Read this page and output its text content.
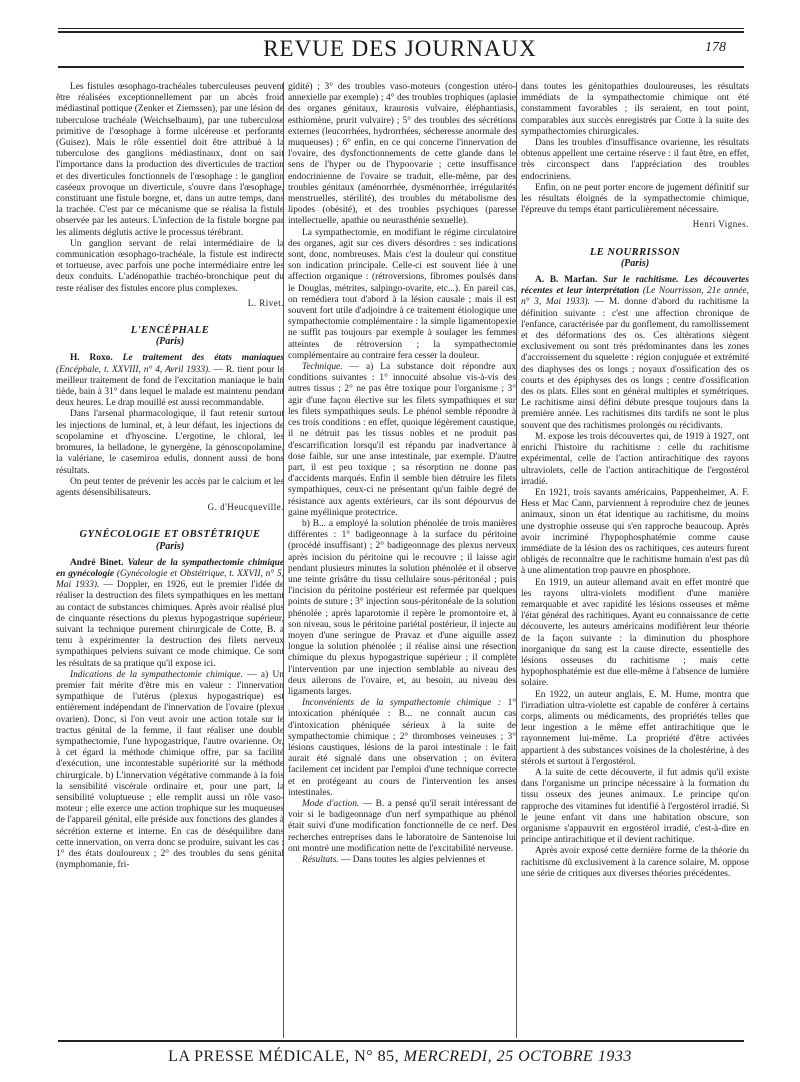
REVUE DES JOURNAUX	178

Les fistules œsophago-trachéales tuberculeuses peuvent être réalisées exceptionnellement par un abcès froid médiastinal pottique (Zenker et Ziemssen), par une lésion de tuberculose trachéale (Weichselbaum), par une tuberculose primitive de l'œsophage à forme ulcéreuse et perforante (Guisez). Mais le rôle essentiel doit être attribué à la tuberculose des ganglions médiastinaux, dont on sait l'importance dans la production des diverticules de traction et des diverticules fonctionnels de l'œsophage : le ganglion caséeux provoque un diverticule, s'ouvre dans l'œsophage, constituant une fistule borgne, et, dans un autre temps, dans la trachée. C'est par ce mécanisme que se réalisa la fistule observée par les auteurs. L'infection de la fistule borgne par les aliments déglutis active le processus térébrant.

Un ganglion servant de relai intermédiaire de la communication œsophago-trachéale, la fistule est indirecte et tortueuse, avec parfois une poche intermédiaire entre les deux conduits. L'adénopathie trachéo-bronchique peut du reste réaliser des fistules encore plus complexes.

L. Rivet.
L'ENCÉPHALE
(Paris)

H. Roxo. Le traitement des états maniaques (Encéphale, t. XXVIII, n° 4, Avril 1933). — R. tient pour le meilleur traitement de fond de l'excitation maniaque le bain tiède, bain à 31° dans lequel le malade est maintenu pendant deux heures. Le drap mouillé est aussi recommandable.

Dans l'arsenal pharmacologique, il faut retenir surtout les injections de luminal, et, à leur défaut, les injections de scopolamine et d'hyoscine. L'ergotine, le chloral, les bromures, la belladone, le gynergène, la génoscopolamine, la valériane, le casemiroa edulis, donnent aussi de bons résultats.

On peut tenter de prévenir les accès par le calcium et les agents désensibilisateurs.

G. d'Heucqueville.
GYNÉCOLOGIE ET OBSTÉTRIQUE
(Paris)

André Binet. Valeur de la sympathectomie chimique en gynécologie (Gynécologie et Obstétrique, t. XXVII, n° 5, Mai 1933). — Doppler, en 1926, eut le premier l'idée de réaliser la destruction des filets sympathiques en les mettant au contact de substances chimiques. Après avoir réalisé plus de cinquante résections du plexus hypogastrique supérieur, suivant la technique purement chirurgicale de Cotte, B. a tenu à expérimenter la destruction des filets nerveux sympathiques pelviens suivant ce mode chimique. Ce sont les résultats de sa pratique qu'il expose ici.

Indications de la sympathectomie chimique. — a) Un premier fait mérite d'être mis en valeur : l'innervation sympathique de l'utérus (plexus hypogastrique) est entièrement indépendant de l'innervation de l'ovaire (plexus ovarien). Donc, si l'on veut avoir une action totale sur le tractus génital de la femme, il faut réaliser une double sympathectomie, l'une hypogastrique, l'autre ovarienne. Or, à cet égard la méthode chimique offre, par sa facilité d'exécution, une incontestable supériorité sur la méthode chirurgicale. b) L'innervation végétative commande à la fois la sensibilité viscérale ordinaire et, pour une part, la sensibilité voluptueuse ; elle remplit aussi un rôle vaso-moteur ; elle exerce une action trophique sur les muqueuses de l'appareil génital, elle préside aux fonctions des glandes à sécrétion externe et interne. En cas de déséquilibre dans cette innervation, on verra donc se produire, suivant les cas : 1° des états douloureux ; 2° des troubles du sens génital (nymphomanie, fri-

gidité) ; 3° des troubles vaso-moteurs (congestion utéro-annexielle par exemple) ; 4° des troubles trophiques (aplasie des organes génitaux, kraurosis vulvaire, éléphantiasis, esthiomène, prurit vulvaire) ; 5° des troubles des sécrétions externes (leucorrhées, hydrorrhées, sécheresse anormale des muqueuses) ; 6° enfin, en ce qui concerne l'innervation de l'ovaire, des dysfonctionnements de cette glande dans le sens de l'hyper ou de l'hypoovarie ; cette insuffisance endocrinienne de l'ovaire se traduit, elle-même, par des troubles génitaux (aménorrhée, dysménorrhée, irrégularités menstruelles, stérilité), des troubles du métabolisme des lipodes (obésité), et des troubles psychiques (paresse intellectuelle, apathie ou neurasthénie sexuelle).

La sympathectomie, en modifiant le régime circulatoire des organes, agit sur ces divers désordres : ses indications sont, donc, nombreuses. Mais c'est la douleur qui constitue son indication principale. Celle-ci est souvent liée à une affection organique : (rétroversions, fibromes poulsés dans le Douglas, métrites, salpingo-ovarite, etc...). En pareil cas, on remédiera tout d'abord à la lésion causale ; mais il est souvent fort utile d'adjoindre à ce traitement étiologique une sympathectomie complémentaire : la simple ligamentopexie ne suffit pas toujours par exemple à soulager les femmes atteintes de rétroversion ; la sympathectomie complémentaire au contraire fera cesser la douleur.

Technique. — a) La substance doit répondre aux conditions suivantes : 1° innocuité absolue vis-à-vis des autres tissus ; 2° ne pas être toxique pour l'organisme ; 3° agir d'une façon élective sur les filets sympathiques et sur les filets sympathiques seuls. Le phénol semble répondre à ces trois conditions : en effet, quoique légèrement caustique, il ne détruit pas les tissus nobles et ne produit pas d'escarrification lorsqu'il est répandu par inadvertance à dose faible, sur une anse intestinale, par exemple. D'autre part, il est peu toxique ; sa résorption ne donne pas d'accidents marqués. Enfin il semble bien détruire les filets sympathiques, ceux-ci ne présentant qu'un faible degré de résistance aux agents extérieurs, car ils sont dépourvus de gaine myélinique protectrice.

b) B... a employé la solution phénolée de trois manières différentes : 1° badigeonnage à la surface du péritoine (procédé insuffisant) ; 2° badigeonnage des plexus nerveux après incision du péritoine qui le recouvre ; il laisse agir pendant plusieurs minutes la solution phénolée et il observe une teinte grisâtre du tissu cellulaire sous-péritonéal ; puis l'incision du péritoine postérieur est refermée par quelques points de suture ; 3° injection sous-péritonéale de la solution phénolée ; après laparotomie il repère le promontoire et, à son niveau, sous le péritoine pariétal postérieur, il injecte au moyen d'une seringue de Pravaz et d'une aiguille assez longue la solution phénolée ; il réalise ainsi une résection chimique du plexus hypogastrique supérieur ; il complète l'intervention par une injection semblable au niveau des deux ailerons de l'ovaire, et, au besoin, au niveau des ligaments larges.

Inconvénients de la sympathectomie chimique : 1° intoxication phéniquée : B... ne connaît aucun cas d'intoxication phéniquée sérieux à la suite de sympathectomie chimique ; 2° thromboses veineuses ; 3° lésions caustiques, lésions de la paroi intestinale : le fait aurait été signalé dans une observation ; on évitera facilement cet incident par l'emploi d'une technique correcte et en protégeant au cours de l'intervention les anses intestinales.

Mode d'action. — B. a pensé qu'il serait intéressant de voir si le badigeonnage d'un nerf sympathique au phénol était suivi d'une modification fonctionnelle de ce nerf. Des recherches entreprises dans le laboratoire de Santenoise lui ont montré une modification nette de l'excitabilité nerveuse.

Résultats. — Dans toutes les algies pelviennes et

dans toutes les génitopathies douloureuses, les résultats immédiats de la sympathectomie chimique ont été constamment favorables ; ils seraient, en tout point, comparables aux succès enregistrés par Cotte à la suite des sympathectomies chirurgicales.

Dans les troubles d'insuffisance ovarienne, les résultats obtenus appellent une certaine réserve : il faut être, en effet, très circonspect dans l'appréciation des troubles endocriniens.

Enfin, on ne peut porter encore de jugement définitif sur les résultats éloignés de la sympathectomie chimique, l'épreuve du temps étant particulièrement nécessaire.

Henri Vignes.
LE NOURRISSON
(Paris)

A. B. Marfan. Sur le rachitisme. Les découvertes récentes et leur interprétation (Le Nourrisson, 21e année, n° 3, Mai 1933). — M. donne d'abord du rachitisme la définition suivante : c'est une affection chronique de l'enfance, caractérisée par du gonflement, du ramollissement et des déformations des os. Ces altérations siègent exclusivement ou sont très prédominantes dans les zones d'accroissement du squelette : région conjuguée et extrémité des diaphyses des os longs ; noyaux d'ossification des os courts et des épiphyses des os longs ; centre d'ossification des os plats. Elles sont en général multiples et symétriques. Le rachitisme ainsi défini débute presque toujours dans la première année. Les rachitismes dits tardifs ne sont le plus souvent que des rachitismes prolongés ou récidivants.

M. expose les trois découvertes qui, de 1919 à 1927, ont enrichi l'histoire du rachitisme : celle du rachitisme expérimental, celle de l'action antirachitique des rayons ultraviolets, celle de l'action antirachitique de l'ergostérol irradié.

En 1921, trois savants américains, Pappenheimer, A. F. Hess et Mac Cann, parviennent à reproduire chez de jeunes animaux, sinon un état identique au rachitisme, du moins une dystrophie osseuse qui s'en rapproche beaucoup. Après avoir incriminé l'hypophosphatémie comme cause immédiate de la lésion des os rachitiques, ces auteurs furent obligés de reconnaître que le rachitisme humain n'est pas dû à une alimentation trop pauvre en phosphore.

En 1919, un auteur allemand avait en effet montré que les rayons ultra-violets modifient d'une manière remarquable et avec rapidité les lésions osseuses et même l'état général des rachitiques. Ayant eu connaissance de cette découverte, les auteurs américains modifièrent leur théorie de la façon suivante : la diminution du phosphore inorganique du sang est la cause directe, essentielle des lésions osseuses du rachitisme ; mais cette hypophosphatémie est due elle-même à l'absence de lumière solaire.

En 1922, un auteur anglais, E. M. Hume, montra que l'irradiation ultra-violette est capable de conférer à certains corps, aliments ou médicaments, des propriétés telles que leur ingestion a le même effet antirachitique que le rayonnement lui-même. La propriété d'être activées appartient à des substances voisines de la cholestérine, à des stérols et surtout à l'ergostérol.

A la suite de cette découverte, il fut admis qu'il existe dans l'organisme un principe nécessaire à la formation du tissu osseux des jeunes animaux. Le principe qu'on rapproche des vitamines fut identifié à l'ergostérol irradié. Si le jeune enfant vit dans une habitation obscure, son organisme s'appauvrit en ergostérol irradié, c'est-à-dire en principe antirachitique et il devient rachitique.

Après avoir exposé cette dernière forme de la théorie du rachitisme dû exclusivement à la carence solaire, M. oppose une série de critiques aux diverses théories précédentes.

LA PRESSE MÉDICALE, N° 85, MERCREDI, 25 OCTOBRE 1933
